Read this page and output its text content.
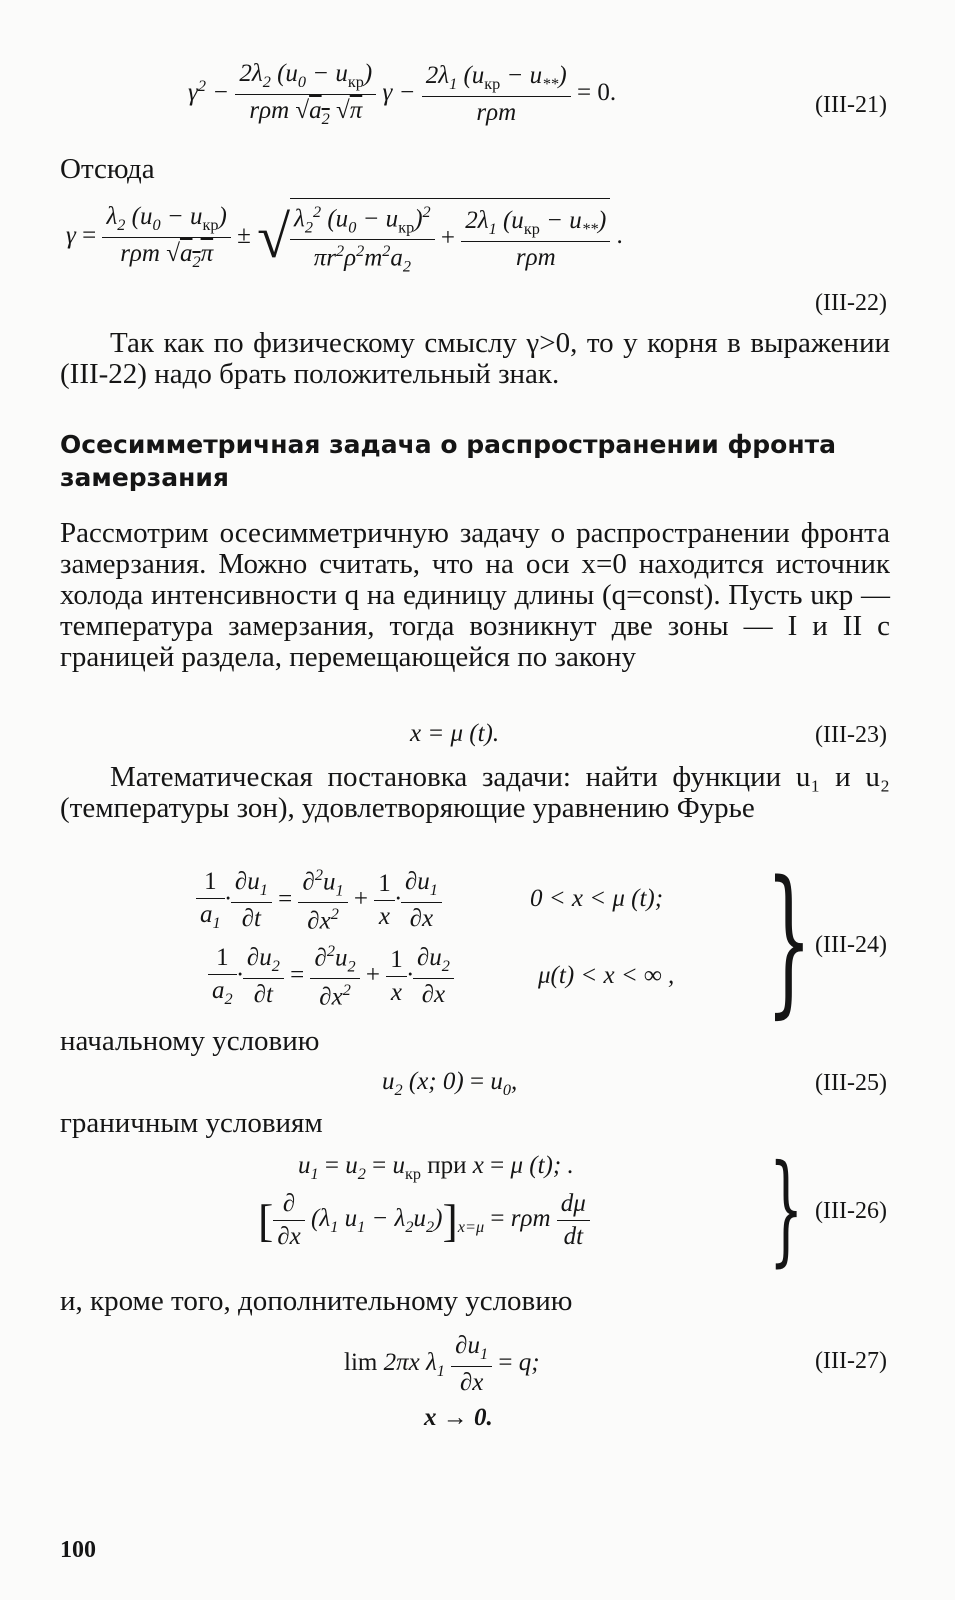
$\gamma^2 - \frac{2\lambda_2 (u_0 - u_{кр})}{r\rho m √a_2 √\pi}$ $\gamma - \frac{2\lambda_1 (u_{кр} - u_{**})}{\text{rρm}} = 0$.	(III-21)
Отсюда
$\gamma = \frac{\lambda_2 (u_0 - u_{кр})}{r\rho m √a_2\pi}$ ± √ $\frac{\lambda_2^2 (u_0 - u_{кр})^2}{\pi r^2\rho^2m^2a_2} + \frac{2\lambda_1 (u_{кр} - u_{**})}{\text{rρm}}$ .
(III-22)
Так как по физическому смыслу γ>0, то у корня в выражении (III-22) надо брать положительный знак.
Осесимметричная задача о распространении фронта замерзания
Рассмотрим осесимметричную задачу о распространении фронта замерзания. Можно считать, что на оси x=0 находится источник холода интенсивности q на единицу длины (q=const). Пусть uкр — температура замерзания, тогда возникнут две зоны — I и II с границей раздела, перемещающейся по закону
x = μ (t).	(III-23)
Математическая постановка задачи: найти функции u₁ и u₂ (температуры зон), удовлетворяющие уравнению Фурье
$\frac{1}{a_1} \cdot \frac{\partial u_1}{\partial t} = \frac{\partial^2u_1}{\partial x^2} + \frac{1}{x} \cdot \frac{\partial u_1}{\partial x}$	0 < x < μ (t);
$\frac{1}{a_2} \cdot \frac{\partial u_2}{\partial t} = \frac{\partial^2u_2}{\partial x^2} + \frac{1}{x} \cdot \frac{\partial u_2}{\partial x}$	μ(t) < x < ∞ , } (III-24)
начальному условию
$u_2$ (x; $0) = u_0$,	(III-25)
граничным условиям
$u_1 = u_2 = u_{кр}$ при x = μ (t); .
[ $\frac{\partial}{\partial x} (\lambda_1$ $u_1 - \lambda_2u_2)]_{x=\mu} = r\rho m \frac{d\mu}{dt}$ } (III-26)
и, кроме того, дополнительному условию
lim 2πx $\lambda_1 \frac{\partial u_1}{\partial x} = q$;	(III-27)
x → 0.
100
